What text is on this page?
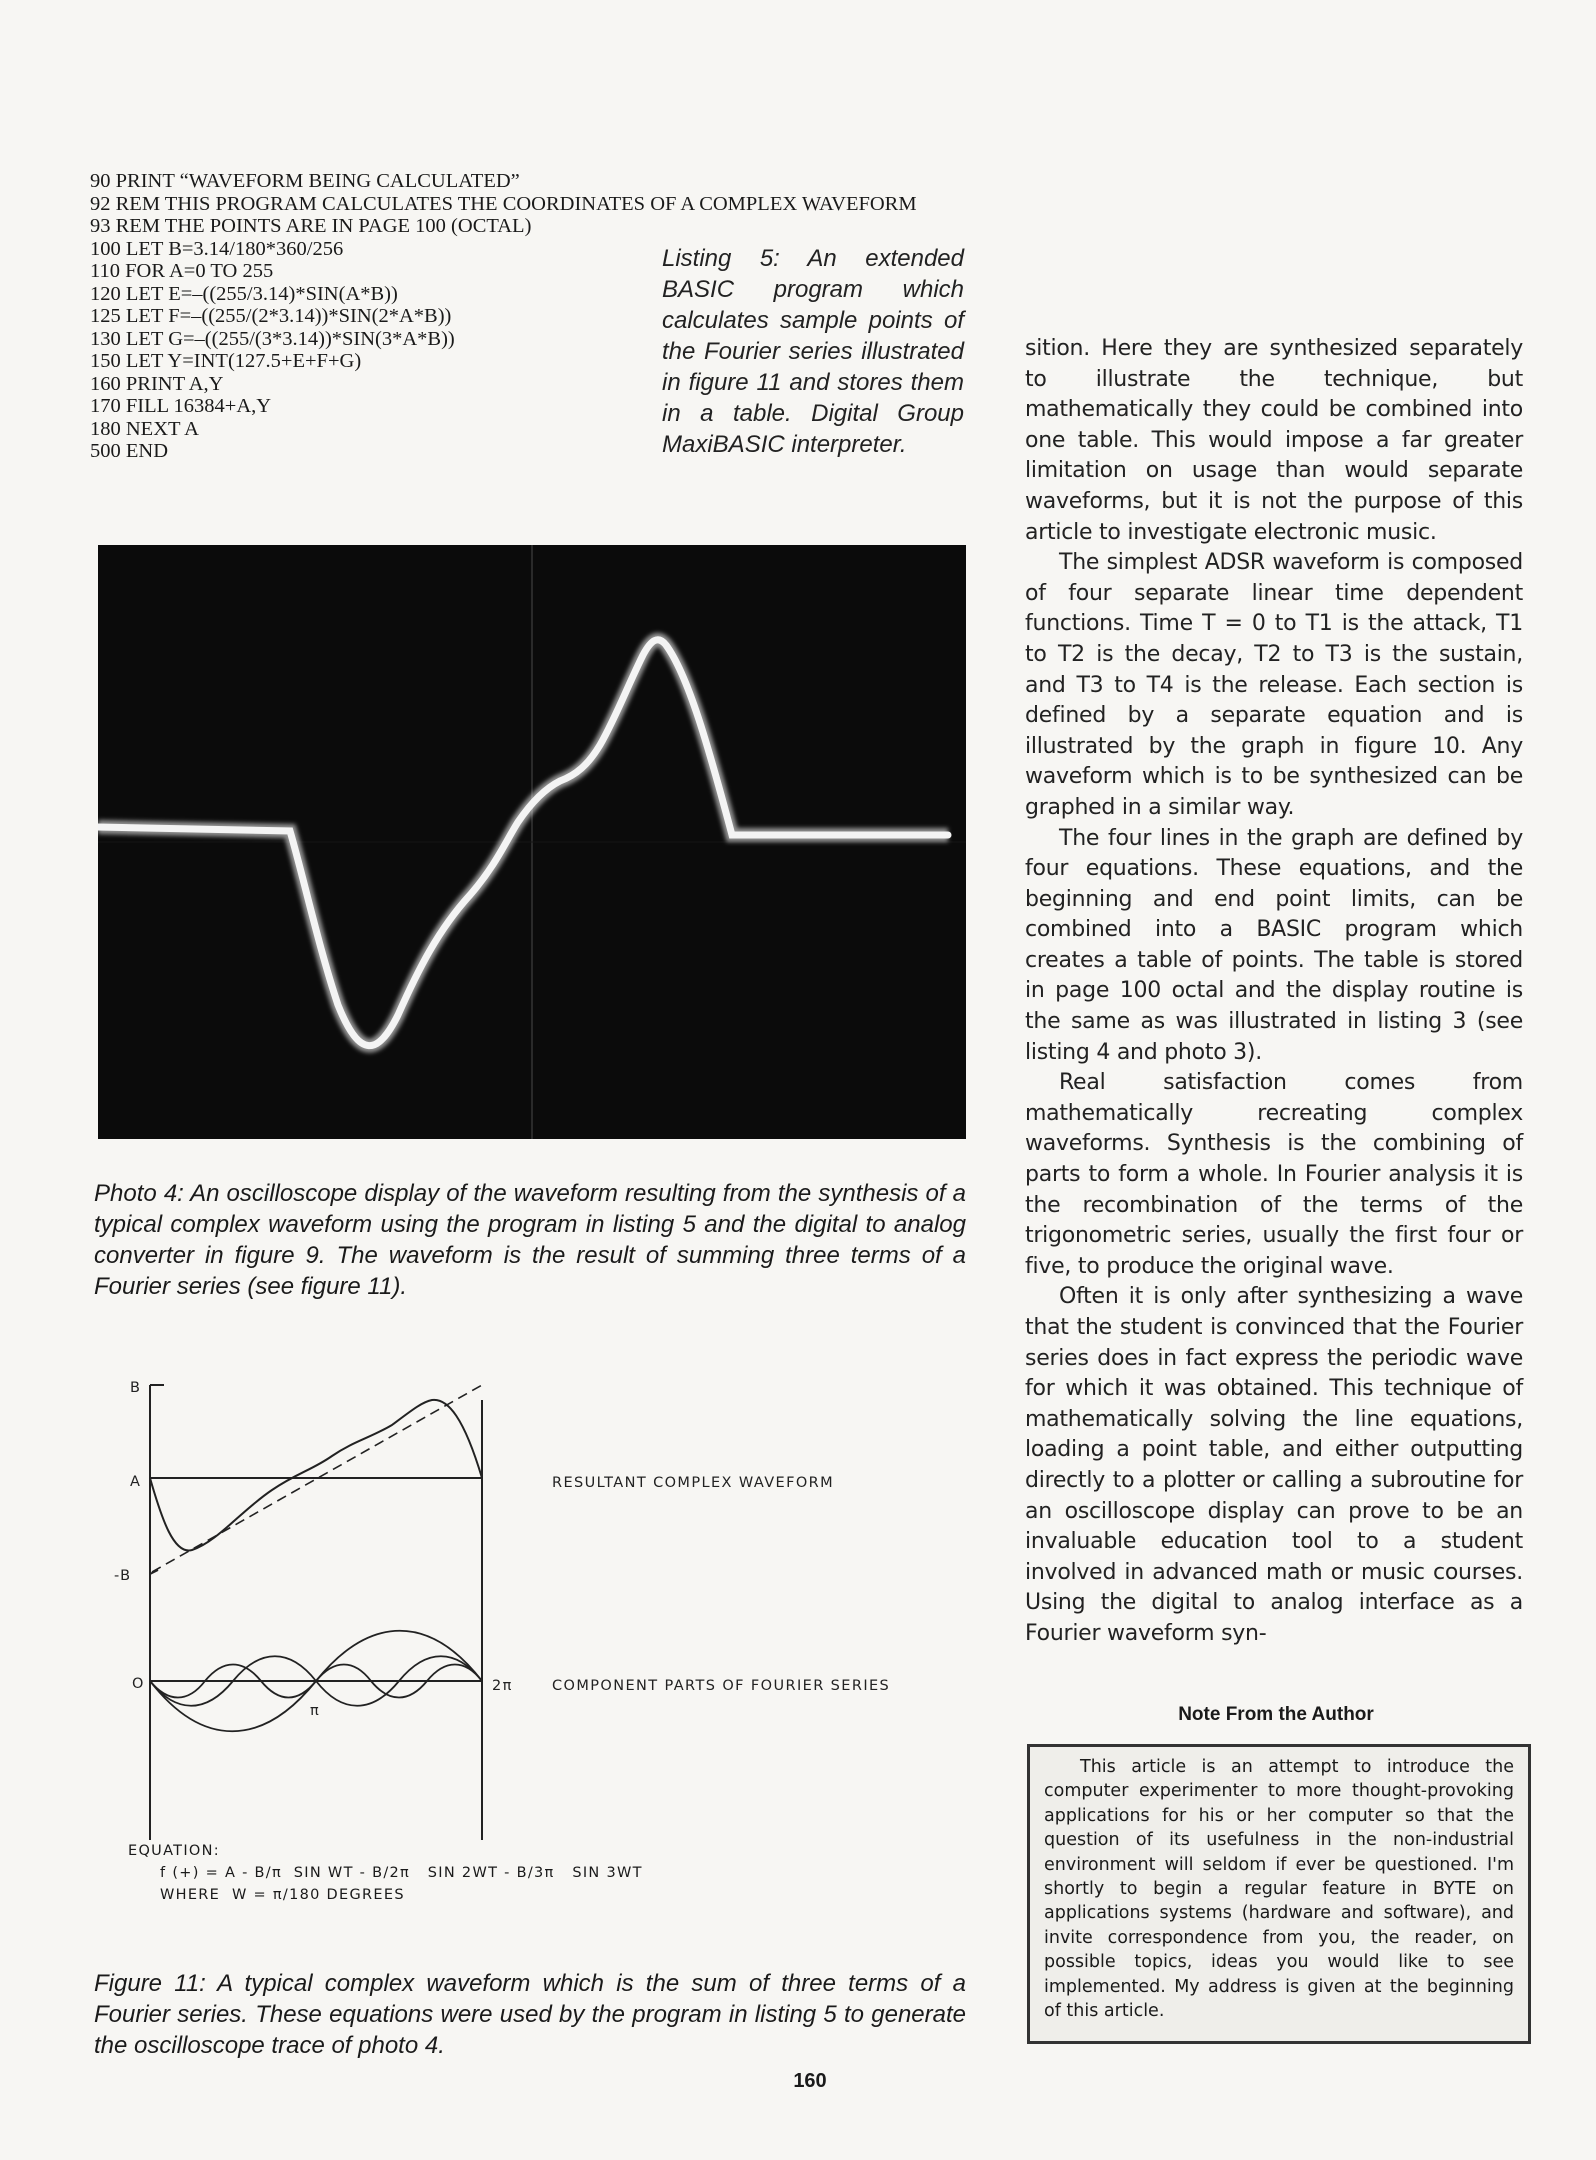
90 PRINT “WAVEFORM BEING CALCULATED”
92 REM THIS PROGRAM CALCULATES THE COORDINATES OF A COMPLEX WAVEFORM
93 REM THE POINTS ARE IN PAGE 100 (OCTAL)
100 LET B=3.14/180*360/256
110 FOR A=0 TO 255
120 LET E=–((255/3.14)*SIN(A*B))
125 LET F=–((255/(2*3.14))*SIN(2*A*B))
130 LET G=–((255/(3*3.14))*SIN(3*A*B))
150 LET Y=INT(127.5+E+F+G)
160 PRINT A,Y
170 FILL 16384+A,Y
180 NEXT A
500 END
Listing 5: An extended BASIC program which calculates sample points of the Fourier series illustrated in figure 11 and stores them in a table. Digital Group MaxiBASIC interpreter.
Photo 4: An oscilloscope display of the waveform resulting from the synthesis of a typical complex waveform using the program in listing 5 and the digital to analog converter in figure 9. The waveform is the result of summing three terms of a Fourier series (see figure 11).
B
A
-B
O	2π
π
RESULTANT COMPLEX WAVEFORM
COMPONENT PARTS OF FOURIER SERIES
EQUATION:
f (+) = A - B/π  SIN WT - B/2π   SIN 2WT - B/3π   SIN 3WT
WHERE  W = π/180 DEGREES
Figure 11: A typical complex waveform which is the sum of three terms of a Fourier series. These equations were used by the program in listing 5 to generate the oscilloscope trace of photo 4.

sition. Here they are synthesized separately to illustrate the technique, but mathematically they could be combined into one table. This would impose a far greater limitation on usage than would separate waveforms, but it is not the purpose of this article to investigate electronic music.

The simplest ADSR waveform is composed of four separate linear time dependent functions. Time T = 0 to T1 is the attack, T1 to T2 is the decay, T2 to T3 is the sustain, and T3 to T4 is the release. Each section is defined by a separate equation and is illustrated by the graph in figure 10. Any waveform which is to be synthesized can be graphed in a similar way.

The four lines in the graph are defined by four equations. These equations, and the beginning and end point limits, can be combined into a BASIC program which creates a table of points. The table is stored in page 100 octal and the display routine is the same as was illustrated in listing 3 (see listing 4 and photo 3).

Real satisfaction comes from mathematically recreating complex waveforms. Synthesis is the combining of parts to form a whole. In Fourier analysis it is the recombination of the terms of the trigonometric series, usually the first four or five, to produce the original wave.

Often it is only after synthesizing a wave that the student is convinced that the Fourier series does in fact express the periodic wave for which it was obtained. This technique of mathematically solving the line equations, loading a point table, and either outputting directly to a plotter or calling a subroutine for an oscilloscope display can prove to be an invaluable education tool to a student involved in advanced math or music courses. Using the digital to analog interface as a Fourier waveform syn-

Note From the Author

This article is an attempt to introduce the computer experimenter to more thought-provoking applications for his or her computer so that the question of its usefulness in the non-industrial environment will seldom if ever be questioned. I'm shortly to begin a regular feature in BYTE on applications systems (hardware and software), and invite correspondence from you, the reader, on possible topics, ideas you would like to see implemented. My address is given at the beginning of this article.

160
